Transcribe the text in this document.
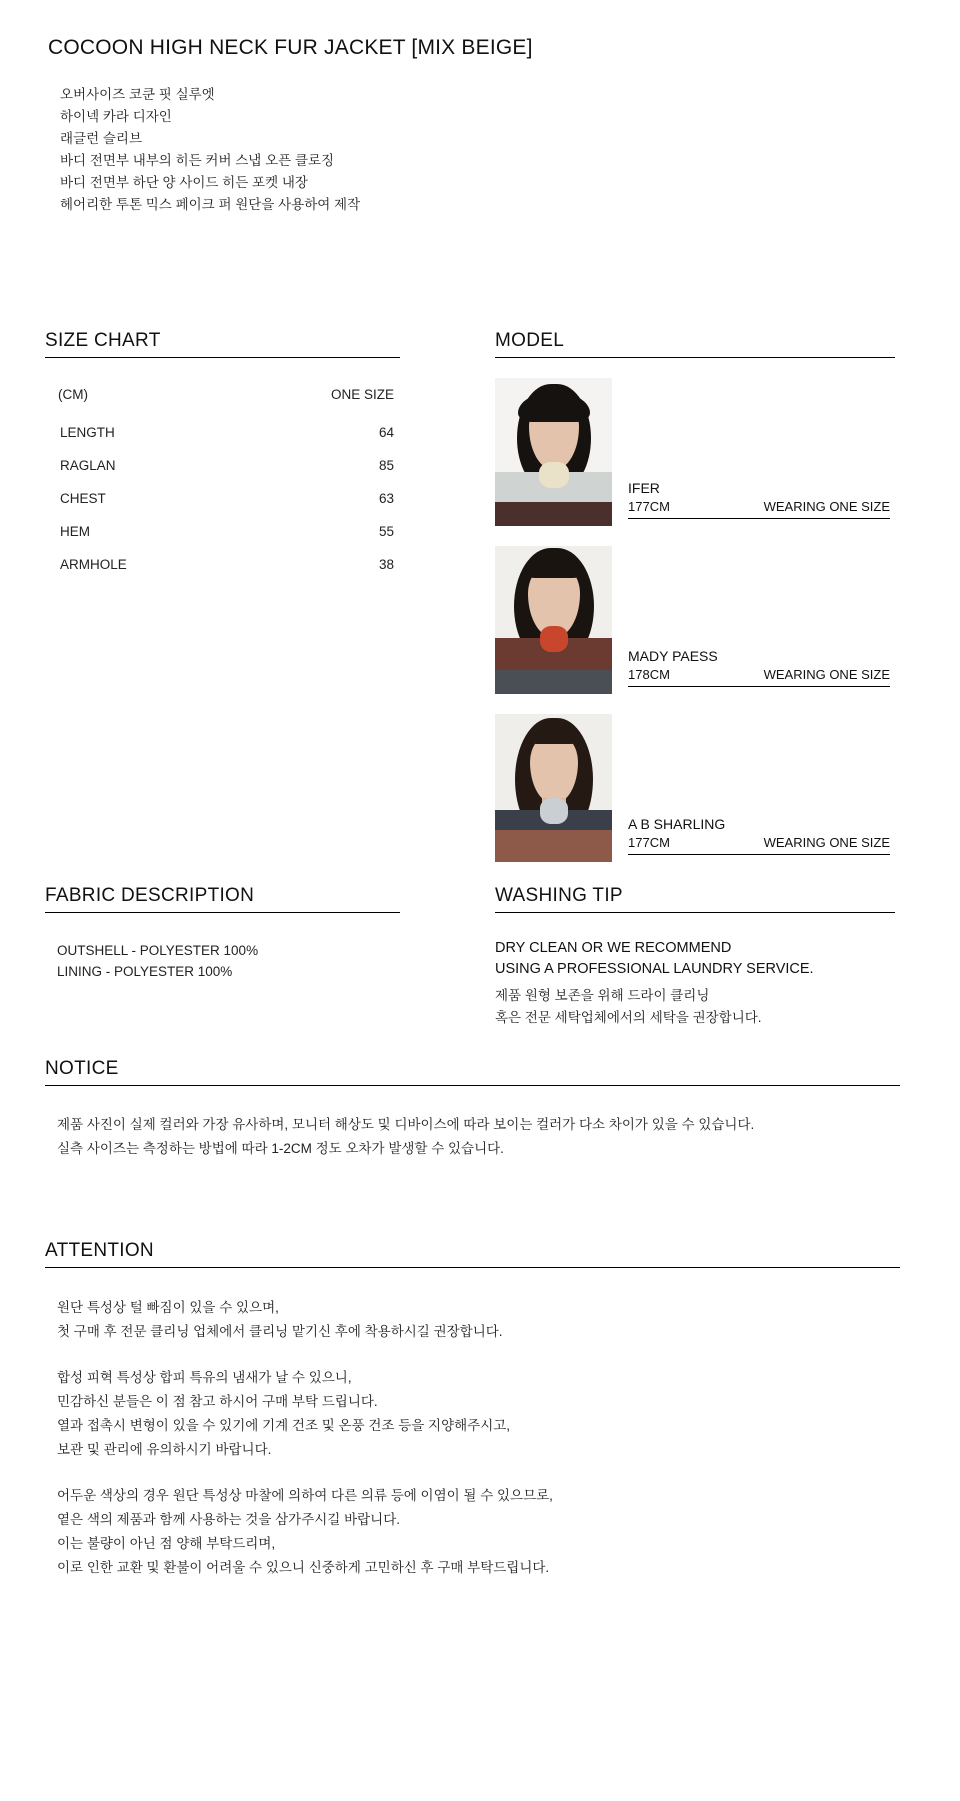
COCOON HIGH NECK FUR JACKET [MIX BEIGE]
오버사이즈 코쿤 핏 실루엣
하이넥 카라 디자인
래글런 슬리브
바디 전면부 내부의 히든 커버 스냅 오픈 클로징
바디 전면부 하단 양 사이드 히든 포켓 내장
헤어리한 투톤 믹스 페이크 퍼 원단을 사용하여 제작
SIZE CHART
(CM)	ONE SIZE
LENGTH	64
RAGLAN	85
CHEST	63
HEM	55
ARMHOLE	38
MODEL
IFER
177CM	WEARING ONE SIZE
MADY PAESS
178CM	WEARING ONE SIZE
A B SHARLING
177CM	WEARING ONE SIZE
FABRIC DESCRIPTION
OUTSHELL - POLYESTER 100%
LINING - POLYESTER 100%
WASHING TIP
DRY CLEAN OR WE RECOMMEND
USING A PROFESSIONAL LAUNDRY SERVICE.
제품 원형 보존을 위해 드라이 클리닝
혹은 전문 세탁업체에서의 세탁을 권장합니다.
NOTICE
제품 사진이 실제 컬러와 가장 유사하며, 모니터 해상도 및 디바이스에 따라 보이는 컬러가 다소 차이가 있을 수 있습니다.
실측 사이즈는 측정하는 방법에 따라 1-2CM 정도 오차가 발생할 수 있습니다.
ATTENTION
원단 특성상 털 빠짐이 있을 수 있으며,
첫 구매 후 전문 클리닝 업체에서 클리닝 맡기신 후에 착용하시길 권장합니다.
합성 피혁 특성상 합피 특유의 냄새가 날 수 있으니,
민감하신 분들은 이 점 참고 하시어 구매 부탁 드립니다.
열과 접촉시 변형이 있을 수 있기에 기계 건조 및 온풍 건조 등을 지양해주시고,
보관 및 관리에 유의하시기 바랍니다.
어두운 색상의 경우 원단 특성상 마찰에 의하여 다른 의류 등에 이염이 될 수 있으므로,
옅은 색의 제품과 함께 사용하는 것을 삼가주시길 바랍니다.
이는 불량이 아닌 점 양해 부탁드리며,
이로 인한 교환 및 환불이 어려울 수 있으니 신중하게 고민하신 후 구매 부탁드립니다.
